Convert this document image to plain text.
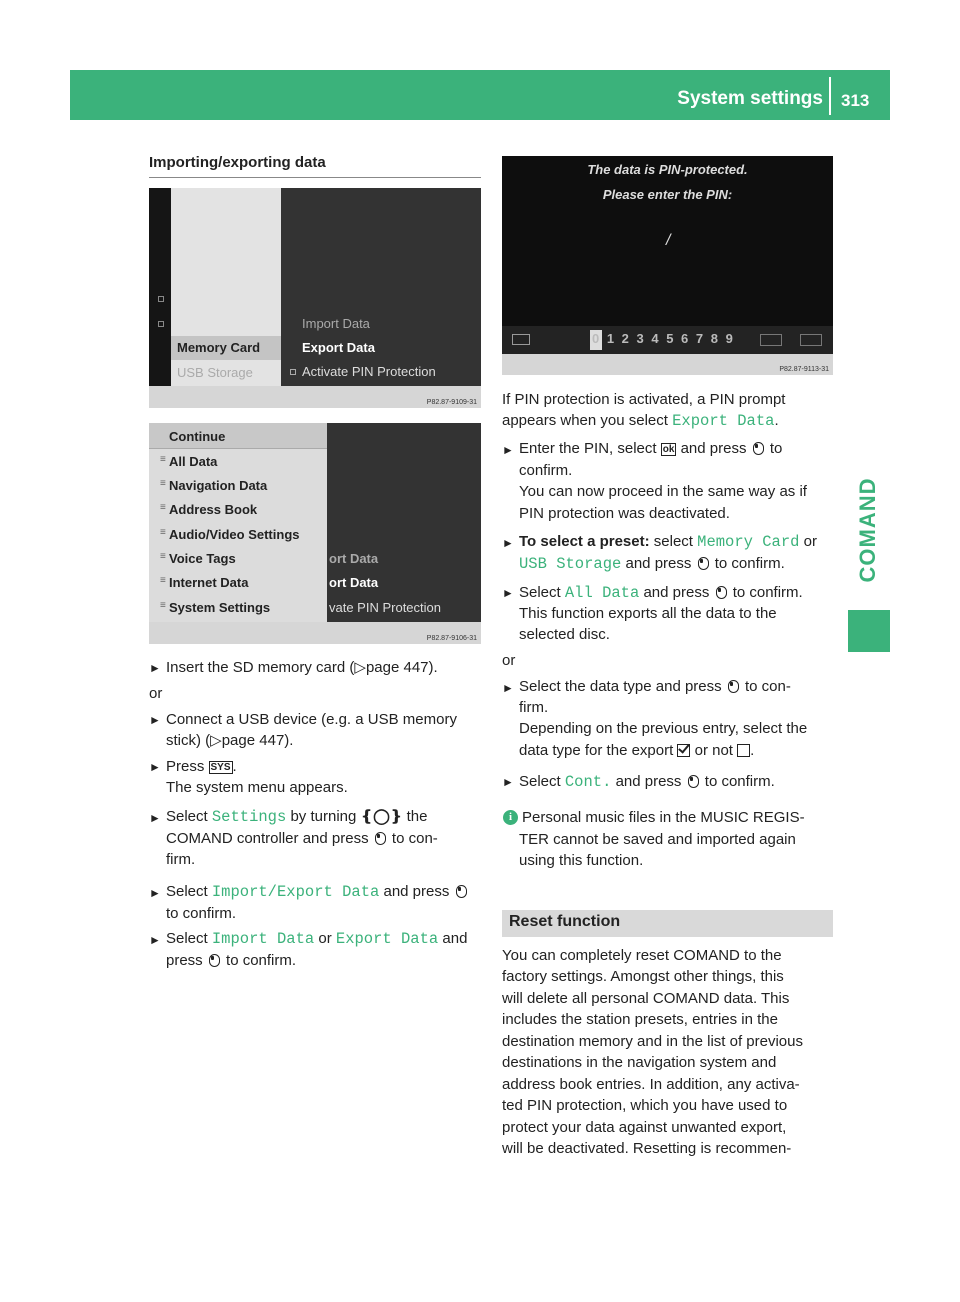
System settings 313
COMAND
Importing/exporting data
Memory Card
USB Storage
Import Data
Export Data
Activate PIN Protection
P82.87-9109-31
Continue
≡ All Data
≡ Navigation Data
≡ Address Book
≡ Audio/Video Settings
≡ Voice Tags
≡ Internet Data
≡ System Settings
ort Data
ort Data
vate PIN Protection
P82.87-9106-31
The data is PIN-protected.
Please enter the PIN:
/
0 1 2 3 4 5 6 7 8 9
P82.87-9113-31
► Insert the SD memory card (▷page 447).
or
► Connect a USB device (e.g. a USB memory
stick) (▷page 447).
► Press SYS .
The system menu appears.
► Select Settings by turning ❴◯❵ the
COMAND controller and press to con-
firm.
► Select Import/Export Data and press
to confirm.
► Select Import Data or Export Data and
press to confirm.
If PIN protection is activated, a PIN prompt
appears when you select Export Data.
► Enter the PIN, select ok and press to
confirm.
You can now proceed in the same way as if
PIN protection was deactivated.
► To select a preset: select Memory Card or
USB Storage and press to confirm.
► Select All Data and press to confirm.
This function exports all the data to the
selected disc.
or
► Select the data type and press to con-
firm.
Depending on the previous entry, select the
data type for the export or not .
► Select Cont. and press to confirm.
i Personal music files in the MUSIC REGIS-
TER cannot be saved and imported again
using this function.
Reset function
You can completely reset COMAND to the
factory settings. Amongst other things, this
will delete all personal COMAND data. This
includes the station presets, entries in the
destination memory and in the list of previous
destinations in the navigation system and
address book entries. In addition, any activa-
ted PIN protection, which you have used to
protect your data against unwanted export,
will be deactivated. Resetting is recommen-
